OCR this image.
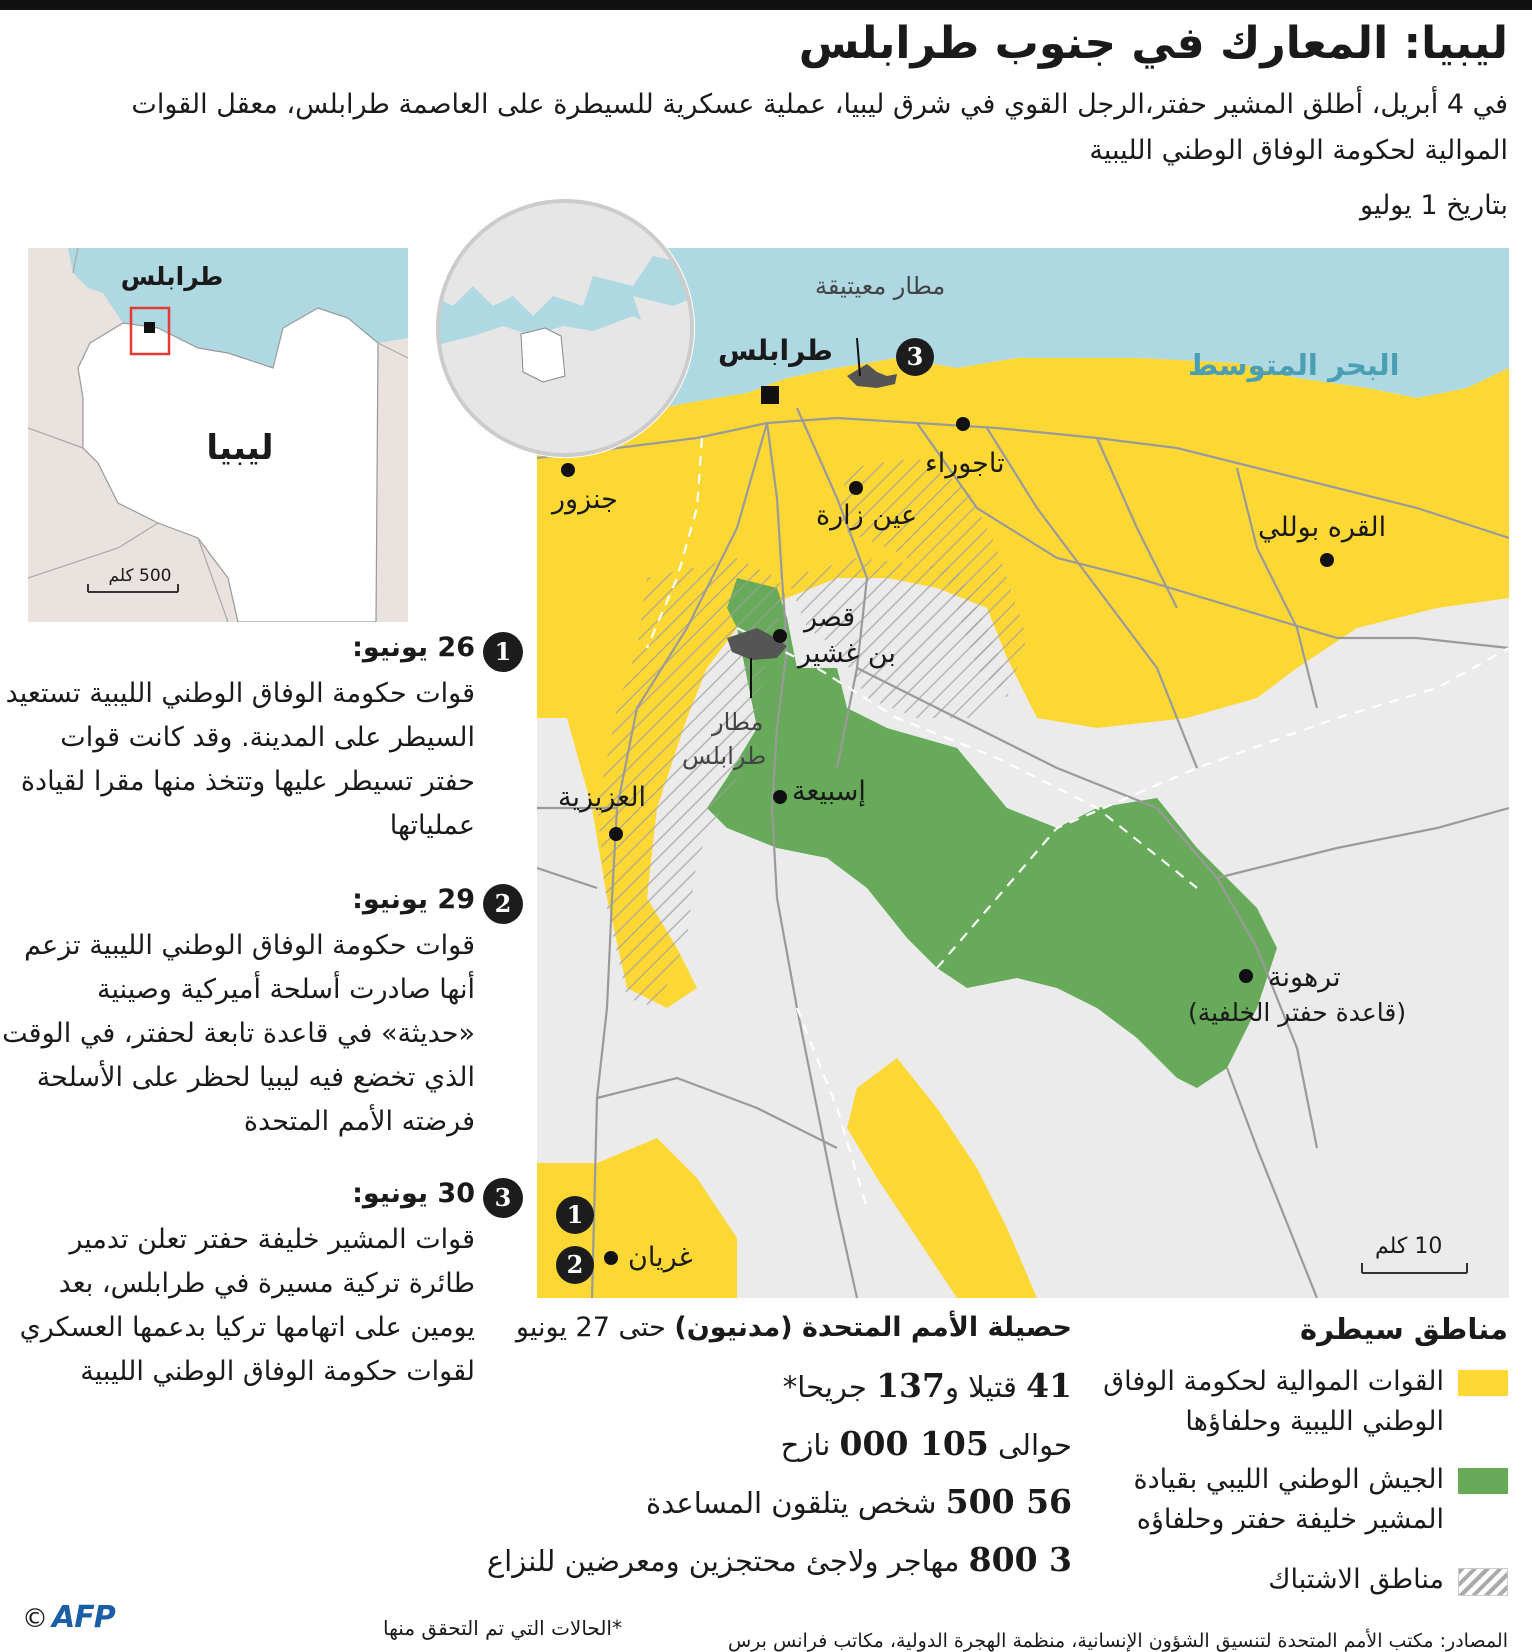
ليبيا: المعارك في جنوب طرابلس
في 4 أبريل، أطلق المشير حفتر،الرجل القوي في شرق ليبيا، عملية عسكرية للسيطرة على العاصمة طرابلس، معقل القوات الموالية لحكومة الوفاق الوطني الليبية
بتاريخ 1 يوليو
طرابلس
ليبيا
500 كلم
البحر المتوسط
10 كلم
مطار معيتيقة
طرابلس
تاجوراء
جنزور
عين زارة	القره بوللي
قصر
بن غشير
مطار
طرابلس
العزيزية	إسبيعة
ترهونة
(قاعدة حفتر الخلفية)
غريان
3
1
2
26 يونيو:
قوات حكومة الوفاق الوطني الليبية تستعيد السيطر على المدينة. وقد كانت قوات حفتر تسيطر عليها وتتخذ منها مقرا لقيادة عملياتها
1
29 يونيو:
قوات حكومة الوفاق الوطني الليبية تزعم أنها صادرت أسلحة أميركية وصينية «حديثة» في قاعدة تابعة لحفتر، في الوقت الذي تخضع فيه ليبيا لحظر على الأسلحة فرضته الأمم المتحدة
2
30 يونيو:
قوات المشير خليفة حفتر تعلن تدمير طائرة تركية مسيرة في طرابلس، بعد يومين على اتهامها تركيا بدعمها العسكري لقوات حكومة الوفاق الوطني الليبية
3
حصيلة الأمم المتحدة (مدنيون) حتى 27 يونيو
41 قتيلا و137 جريحا*
حوالى 105 000 نازح
56 500 شخص يتلقون المساعدة
3 800 مهاجر ولاجئ محتجزين ومعرضين للنزاع
مناطق سيطرة
القوات الموالية لحكومة الوفاق الوطني الليبية وحلفاؤها
الجيش الوطني الليبي بقيادة المشير خليفة حفتر وحلفاؤه
مناطق الاشتباك
*الحالات التي تم التحقق منها
المصادر: مكتب الأمم المتحدة لتنسيق الشؤون الإنسانية، منظمة الهجرة الدولية، مكاتب فرانس برس
© AFP
